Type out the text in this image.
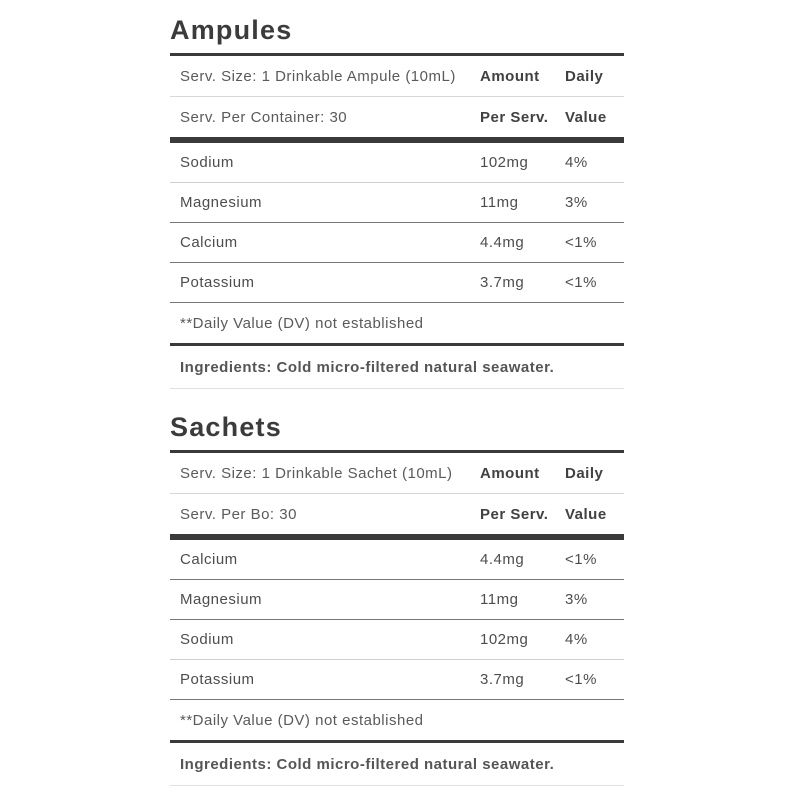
Ampules
Serv. Size: 1 Drinkable Ampule (10mL)	Amount	Daily
Serv. Per Container: 30	Per Serv.	Value
Sodium	102mg	4%
Magnesium	11mg	3%
Calcium	4.4mg	<1%
Potassium	3.7mg	<1%
**Daily Value (DV) not established
Ingredients: Cold micro-filtered natural seawater.
Sachets
Serv. Size: 1 Drinkable Sachet (10mL)	Amount	Daily
Serv. Per Bo: 30	Per Serv.	Value
Calcium	4.4mg	<1%
Magnesium	11mg	3%
Sodium	102mg	4%
Potassium	3.7mg	<1%
**Daily Value (DV) not established
Ingredients: Cold micro-filtered natural seawater.
